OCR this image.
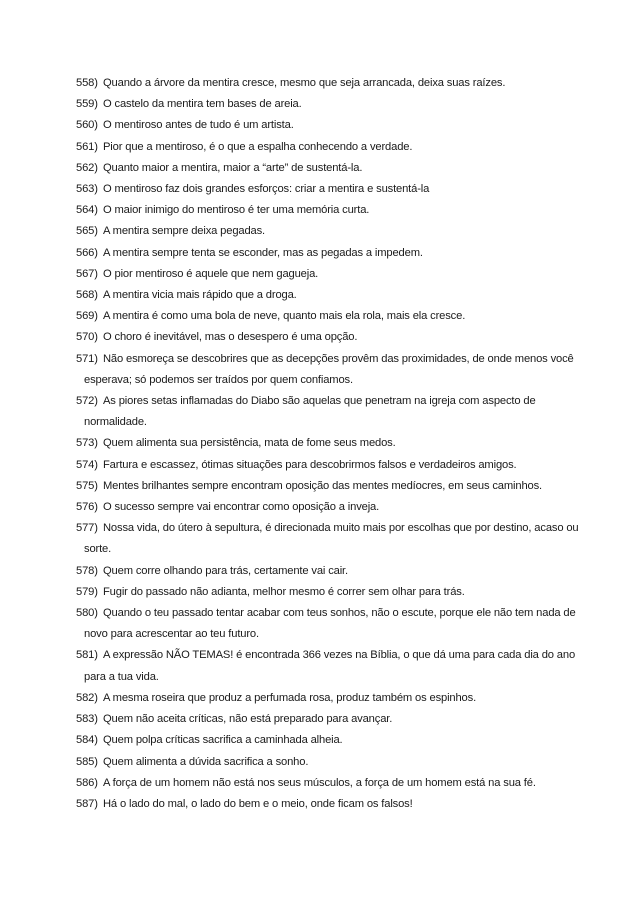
558) Quando a árvore da mentira cresce, mesmo que seja arrancada, deixa suas raízes.
559) O castelo da mentira tem bases de areia.
560) O mentiroso antes de tudo é um artista.
561) Pior que a mentiroso, é o que a espalha conhecendo a verdade.
562) Quanto maior a mentira, maior a “arte” de sustentá-la.
563) O mentiroso faz dois grandes esforços: criar a mentira e sustentá-la
564) O maior inimigo do mentiroso é ter uma memória curta.
565) A mentira sempre deixa pegadas.
566) A mentira sempre tenta se esconder, mas as pegadas a impedem.
567) O pior mentiroso é aquele que nem gagueja.
568) A mentira vicia mais rápido que a droga.
569) A mentira é como uma bola de neve, quanto mais ela rola, mais ela cresce.
570) O choro é inevitável, mas o desespero é uma opção.
571) Não esmoreça se descobrires que as decepções provêm das proximidades, de onde menos você
esperava; só podemos ser traídos por quem confiamos.
572) As piores setas inflamadas do Diabo são aquelas que penetram na igreja com aspecto de
normalidade.
573) Quem alimenta sua persistência, mata de fome seus medos.
574) Fartura e escassez, ótimas situações para descobrirmos falsos e verdadeiros amigos.
575) Mentes brilhantes sempre encontram oposição das mentes medíocres, em seus caminhos.
576) O sucesso sempre vai encontrar como oposição a inveja.
577) Nossa vida, do útero à sepultura, é direcionada muito mais por escolhas que por destino, acaso ou
sorte.
578) Quem corre olhando para trás, certamente vai cair.
579) Fugir do passado não adianta, melhor mesmo é correr sem olhar para trás.
580) Quando o teu passado tentar acabar com teus sonhos, não o escute, porque ele não tem nada de
novo para acrescentar ao teu futuro.
581) A expressão NÃO TEMAS! é encontrada 366 vezes na Bíblia, o que dá uma para cada dia do ano
para a tua vida.
582) A mesma roseira que produz a perfumada rosa, produz também os espinhos.
583) Quem não aceita críticas, não está preparado para avançar.
584) Quem polpa críticas sacrifica a caminhada alheia.
585) Quem alimenta a dúvida sacrifica a sonho.
586) A força de um homem não está nos seus músculos, a força de um homem está na sua fé.
587) Há o lado do mal, o lado do bem e o meio, onde ficam os falsos!
